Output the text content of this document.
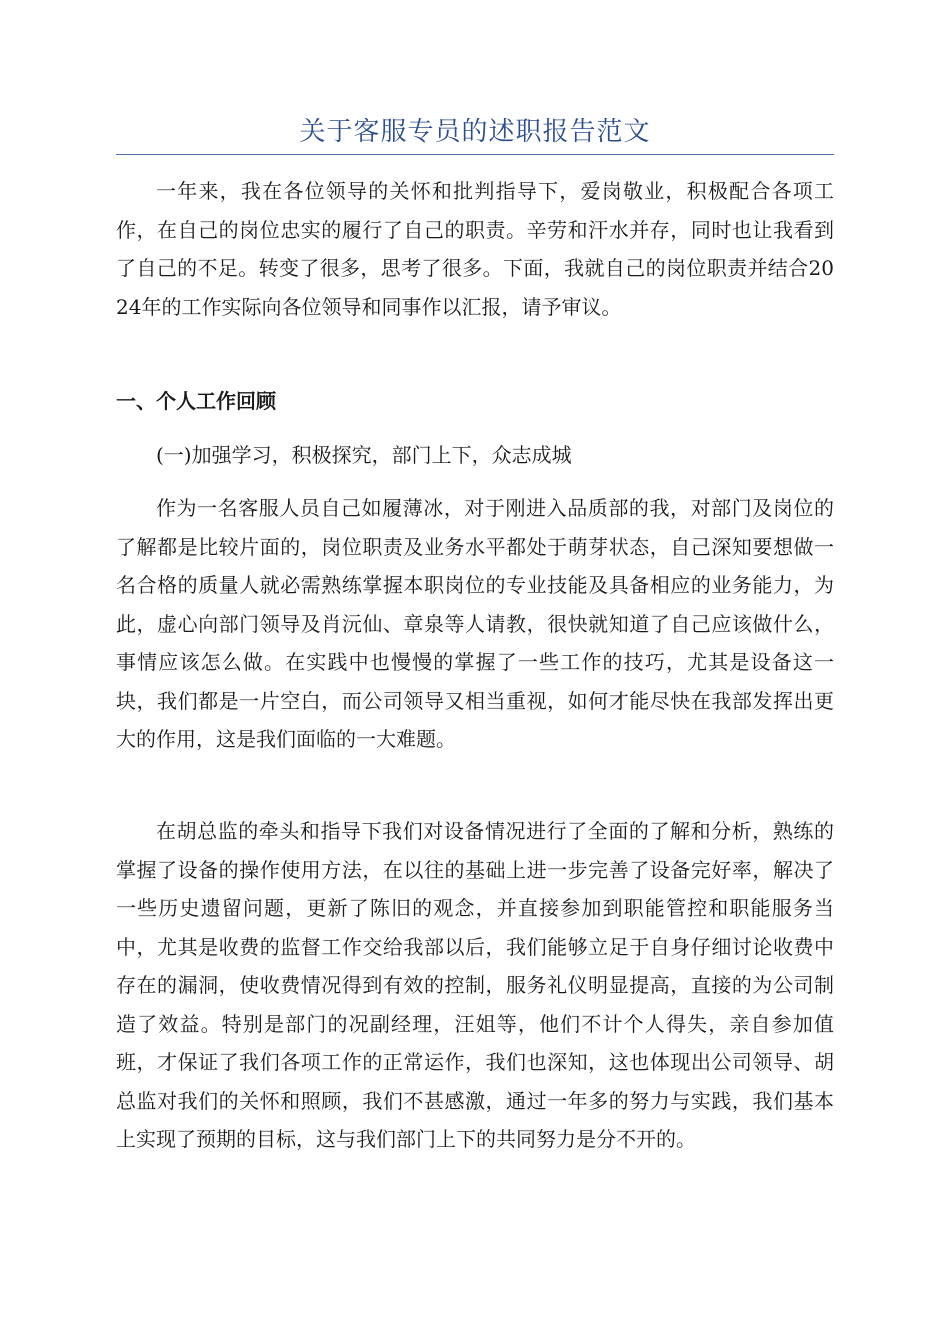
关于客服专员的述职报告范文

一年来，我在各位领导的关怀和批判指导下，爱岗敬业，积极配合各项工作，在自己的岗位忠实的履行了自己的职责。辛劳和汗水并存，同时也让我看到了自己的不足。转变了很多，思考了很多。下面，我就自己的岗位职责并结合2024年的工作实际向各位领导和同事作以汇报，请予审议。

一、个人工作回顾

(一)加强学习，积极探究，部门上下，众志成城

作为一名客服人员自己如履薄冰，对于刚进入品质部的我，对部门及岗位的了解都是比较片面的，岗位职责及业务水平都处于萌芽状态，自己深知要想做一名合格的质量人就必需熟练掌握本职岗位的专业技能及具备相应的业务能力，为此，虚心向部门领导及肖沅仙、章泉等人请教，很快就知道了自己应该做什么，事情应该怎么做。在实践中也慢慢的掌握了一些工作的技巧，尤其是设备这一块，我们都是一片空白，而公司领导又相当重视，如何才能尽快在我部发挥出更大的作用，这是我们面临的一大难题。

在胡总监的牵头和指导下我们对设备情况进行了全面的了解和分析，熟练的掌握了设备的操作使用方法，在以往的基础上进一步完善了设备完好率，解决了一些历史遗留问题，更新了陈旧的观念，并直接参加到职能管控和职能服务当中，尤其是收费的监督工作交给我部以后，我们能够立足于自身仔细讨论收费中存在的漏洞，使收费情况得到有效的控制，服务礼仪明显提高，直接的为公司制造了效益。特别是部门的况副经理，汪姐等，他们不计个人得失，亲自参加值班，才保证了我们各项工作的正常运作，我们也深知，这也体现出公司领导、胡总监对我们的关怀和照顾，我们不甚感激，通过一年多的努力与实践，我们基本上实现了预期的目标，这与我们部门上下的共同努力是分不开的。
